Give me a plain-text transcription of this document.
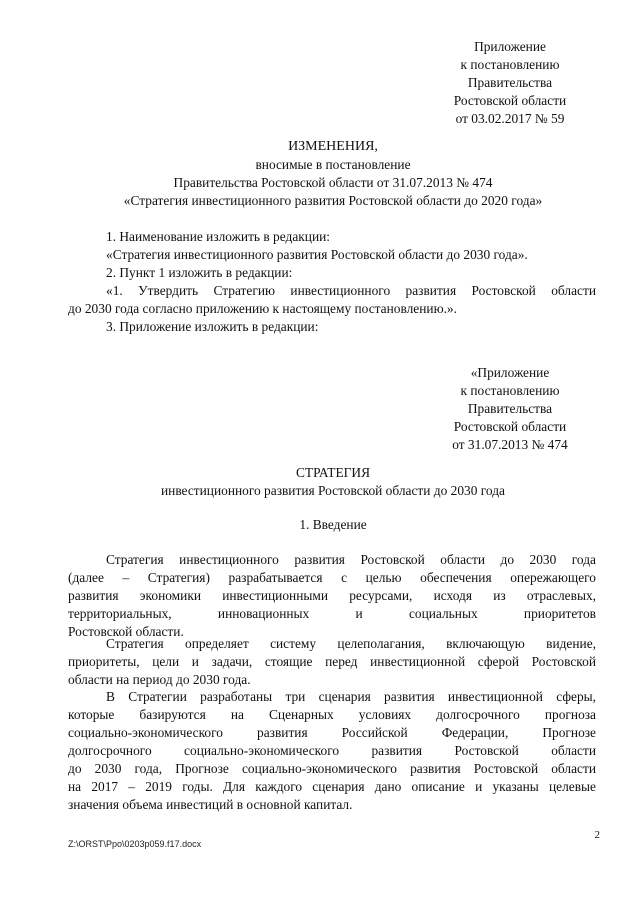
Приложение
к постановлению
Правительства
Ростовской области
от 03.02.2017 № 59
ИЗМЕНЕНИЯ,
вносимые в постановление
Правительства Ростовской области от 31.07.2013 № 474
«Стратегия инвестиционного развития Ростовской области до 2020 года»
1. Наименование изложить в редакции:
«Стратегия инвестиционного развития Ростовской области до 2030 года».
2. Пункт 1 изложить в редакции:
«1. Утвердить Стратегию инвестиционного развития Ростовской области
до 2030 года согласно приложению к настоящему постановлению.».
3. Приложение изложить в редакции:
«Приложение
к постановлению
Правительства
Ростовской области
от 31.07.2013 № 474
СТРАТЕГИЯ
инвестиционного развития Ростовской области до 2030 года
1. Введение
Стратегия инвестиционного развития Ростовской области до 2030 года
(далее – Стратегия) разрабатывается с целью обеспечения опережающего
развития экономики инвестиционными ресурсами, исходя из отраслевых,
территориальных, инновационных и социальных приоритетов
Ростовской области.
Стратегия определяет систему целеполагания, включающую видение,
приоритеты, цели и задачи, стоящие перед инвестиционной сферой Ростовской
области на период до 2030 года.
В Стратегии разработаны три сценария развития инвестиционной сферы,
которые базируются на Сценарных условиях долгосрочного прогноза
социально-экономического развития Российской Федерации, Прогнозе
долгосрочного социально-экономического развития Ростовской области
до 2030 года, Прогнозе социально-экономического развития Ростовской области
на 2017 – 2019 годы. Для каждого сценария дано описание и указаны целевые
значения объема инвестиций в основной капитал.
2
Z:\ORST\Ppo\0203p059.f17.docx
